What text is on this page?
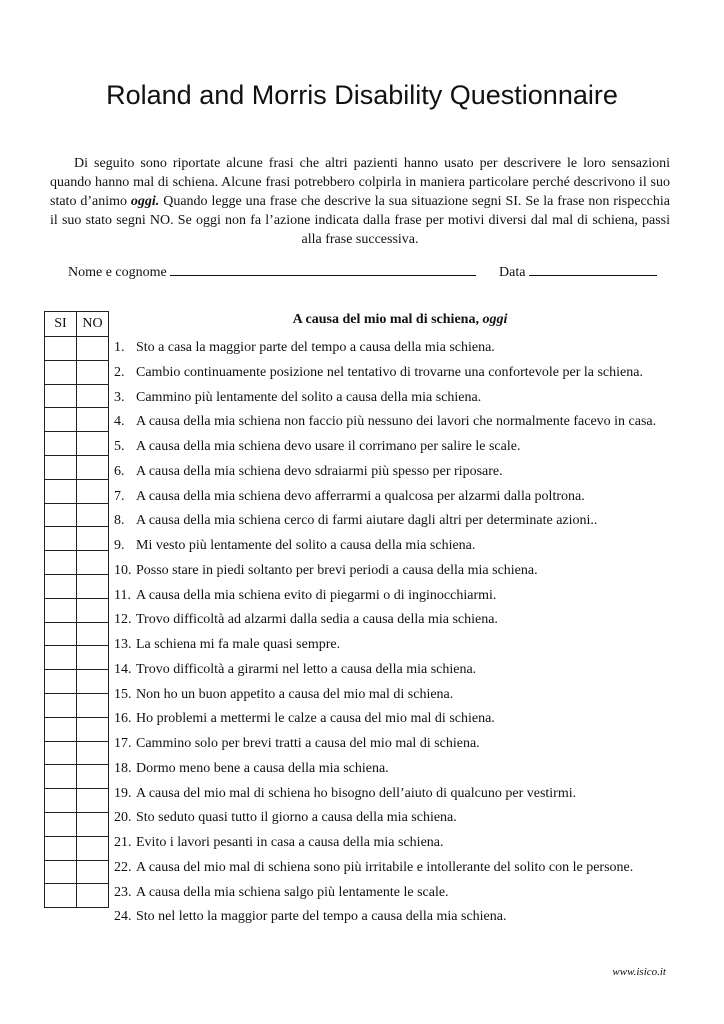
Roland and Morris Disability Questionnaire
Di seguito sono riportate alcune frasi che altri pazienti hanno usato per descrivere le loro sensazioni quando hanno mal di schiena. Alcune frasi potrebbero colpirla in maniera particolare perché descrivono il suo stato d’animo oggi. Quando legge una frase che descrive la sua situazione segni SI. Se la frase non rispecchia il suo stato segni NO. Se oggi non fa l’azione indicata dalla frase per motivi diversi dal mal di schiena, passi alla frase successiva.
Nome e cognome	Data
SI	NO

		A causa del mio mal di schiena, oggi
1. Sto a casa la maggior parte del tempo a causa della mia schiena.
2. Cambio continuamente posizione nel tentativo di trovarne una confortevole per la schiena.
3. Cammino più lentamente del solito a causa della mia schiena.
4. A causa della mia schiena non faccio più nessuno dei lavori che normalmente facevo in casa.
5. A causa della mia schiena devo usare il corrimano per salire le scale.
6. A causa della mia schiena devo sdraiarmi più spesso per riposare.
7. A causa della mia schiena devo afferrarmi a qualcosa per alzarmi dalla poltrona.
8. A causa della mia schiena cerco di farmi aiutare dagli altri per determinate azioni..
9. Mi vesto più lentamente del solito a causa della mia schiena.
10. Posso stare in piedi soltanto per brevi periodi a causa della mia schiena.
11. A causa della mia schiena evito di piegarmi o di inginocchiarmi.
12. Trovo difficoltà ad alzarmi dalla sedia a causa della mia schiena.
13. La schiena mi fa male quasi sempre.
14. Trovo difficoltà a girarmi nel letto a causa della mia schiena.
15. Non ho un buon appetito a causa del mio mal di schiena.
16. Ho problemi a mettermi le calze a causa del mio mal di schiena.
17. Cammino solo per brevi tratti a causa del mio mal di schiena.
18. Dormo meno bene a causa della mia schiena.
19. A causa del mio mal di schiena ho bisogno dell’aiuto di qualcuno per vestirmi.
20. Sto seduto quasi tutto il giorno a causa della mia schiena.
21. Evito i lavori pesanti in casa a causa della mia schiena.
22. A causa del mio mal di schiena sono più irritabile e intollerante del solito con le persone.
23. A causa della mia schiena salgo più lentamente le scale.
24. Sto nel letto la maggior parte del tempo a causa della mia schiena.
www.isico.it
